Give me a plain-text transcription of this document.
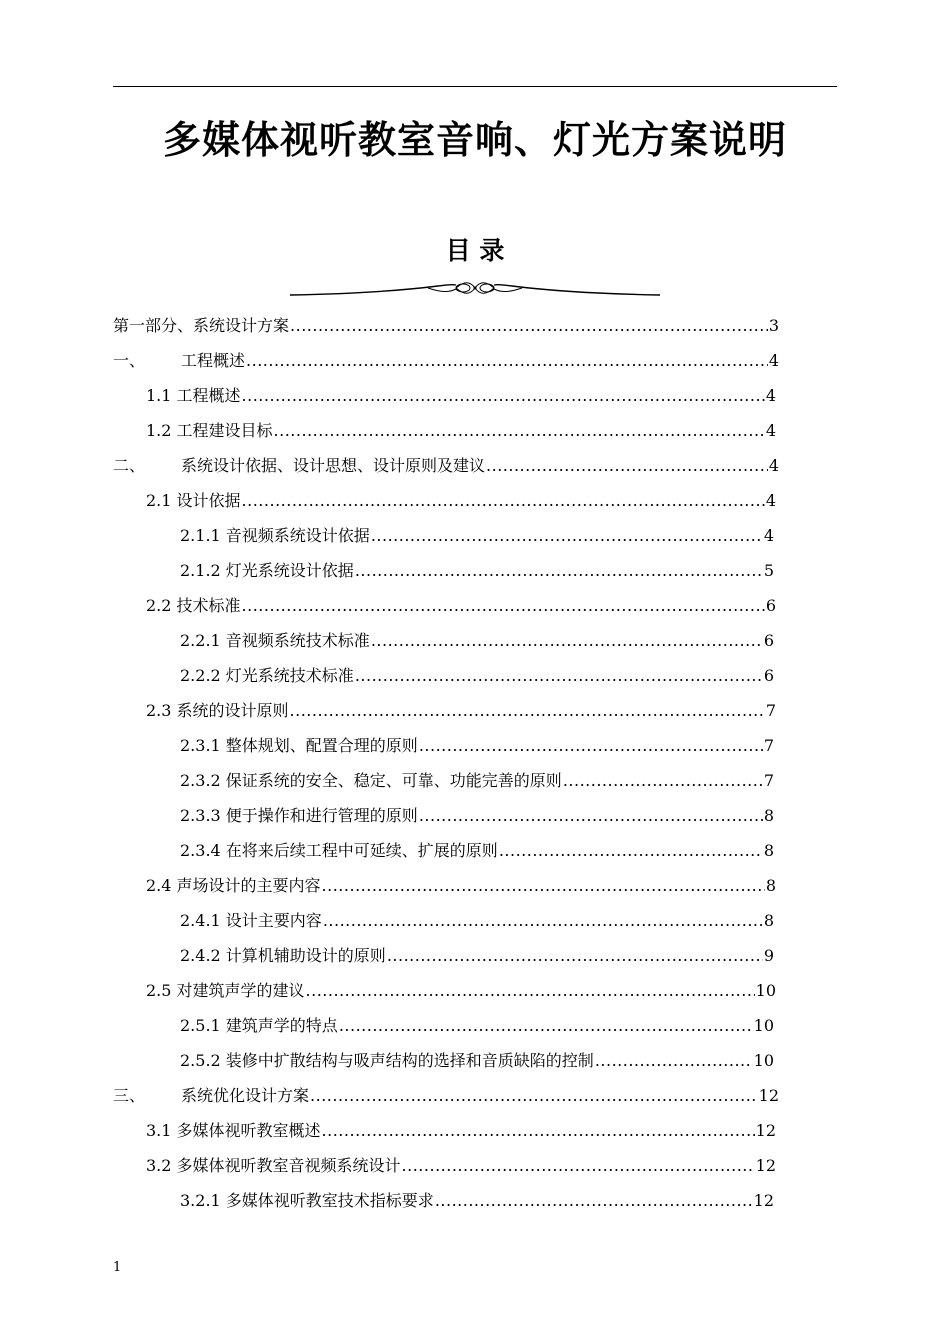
多媒体视听教室音响、灯光方案说明
目 录
第一部分、系统设计方案 .....	3
一、	工程概述 .....	4
1.1 工程概述 .....	4
1.2 工程建设目标 .....	4
二、	系统设计依据、设计思想、设计原则及建议 .....	4
2.1 设计依据 .....	4
2.1.1 音视频系统设计依据 .....	4
2.1.2 灯光系统设计依据 .....	5
2.2 技术标准 .....	6
2.2.1 音视频系统技术标准 .....	6
2.2.2 灯光系统技术标准 .....	6
2.3 系统的设计原则 .....	7
2.3.1 整体规划、配置合理的原则 .....	7
2.3.2 保证系统的安全、稳定、可靠、功能完善的原则 .....	7
2.3.3 便于操作和进行管理的原则 .....	8
2.3.4 在将来后续工程中可延续、扩展的原则 .....	8
2.4 声场设计的主要内容 .....	8
2.4.1 设计主要内容 .....	8
2.4.2 计算机辅助设计的原则 .....	9
2.5 对建筑声学的建议 .....	10
2.5.1 建筑声学的特点 .....	10
2.5.2 装修中扩散结构与吸声结构的选择和音质缺陷的控制 .....	10
三、	系统优化设计方案 .....	12
3.1 多媒体视听教室概述 .....	12
3.2 多媒体视听教室音视频系统设计 .....	12
3.2.1 多媒体视听教室技术指标要求 .....	12
1
